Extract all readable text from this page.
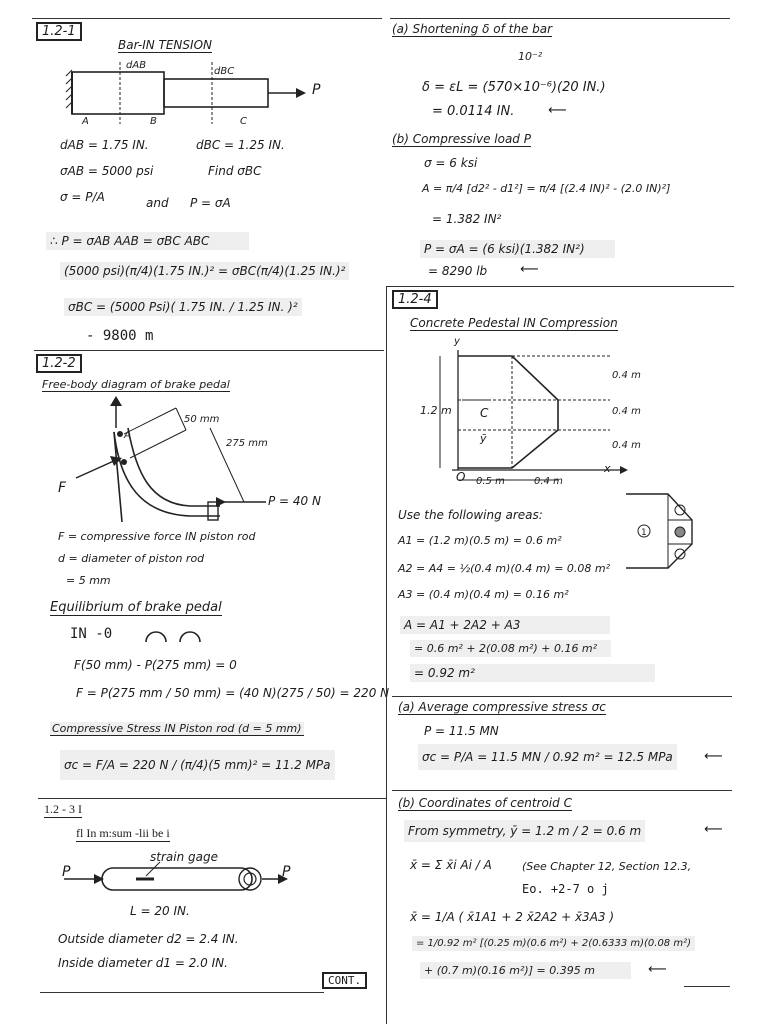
1.2-1
Bar-IN TENSION
dAB
dBC
P
A	B	C
dAB = 1.75 IN.	dBC = 1.25 IN.
σAB = 5000 psi	Find σBC
σ = P/A	and P = σA
∴ P = σAB AAB = σBC ABC
(5000 psi)(π/4)(1.75 IN.)² = σBC(π/4)(1.25 IN.)²
σBC = (5000 Psi)( 1.75 IN. / 1.25 IN. )²
- 9800 m
1.2-2
Free-body diagram of brake pedal
A
50 mm
275 mm
F
P = 40 N
F = compressive force IN piston rod
d = diameter of piston rod
= 5 mm
Equilibrium of brake pedal
IN -0
F(50 mm) - P(275 mm) = 0
F = P(275 mm / 50 mm) = (40 N)(275 / 50) = 220 N
Compressive Stress IN Piston rod (d = 5 mm)
σc = F/A = 220 N / (π/4)(5 mm)² = 11.2 MPa
1.2 - 3 I
fl In m:sum -lii be i
strain gage
P	P
L = 20 IN.
Outside diameter d2 = 2.4 IN.
Inside diameter d1 = 2.0 IN.
CONT.
(a) Shortening δ of the bar
10⁻²
δ = εL = (570×10⁻⁶)(20 IN.)
= 0.0114 IN.	⟵
(b) Compressive load P
σ = 6 ksi
A = π/4 [d2² - d1²] = π/4 [(2.4 IN)² - (2.0 IN)²]
= 1.382 IN²
P = σA = (6 ksi)(1.382 IN²)
= 8290 lb	⟵
1.2-4
Concrete Pedestal IN Compression
y
1.2 m C
ȳ
O
x
0.5 m	0.4 m
0.4 m
0.4 m
0.4 m
1
Use the following areas:
A1 = (1.2 m)(0.5 m) = 0.6 m²
A2 = A4 = ½(0.4 m)(0.4 m) = 0.08 m²
A3 = (0.4 m)(0.4 m) = 0.16 m²
A = A1 + 2A2 + A3
= 0.6 m² + 2(0.08 m²) + 0.16 m²
= 0.92 m²
(a) Average compressive stress σc
P = 11.5 MN
σc = P/A = 11.5 MN / 0.92 m² = 12.5 MPa	⟵
(b) Coordinates of centroid C
From symmetry, ȳ = 1.2 m / 2 = 0.6 m	⟵
x̄ = Σ x̄i Ai / A	(See Chapter 12, Section 12.3,
Eo. +2-7 o j
x̄ = 1/A ( x̄1A1 + 2 x̄2A2 + x̄3A3 )
= 1/0.92 m² [(0.25 m)(0.6 m²) + 2(0.6333 m)(0.08 m²)
+ (0.7 m)(0.16 m²)] = 0.395 m	⟵
